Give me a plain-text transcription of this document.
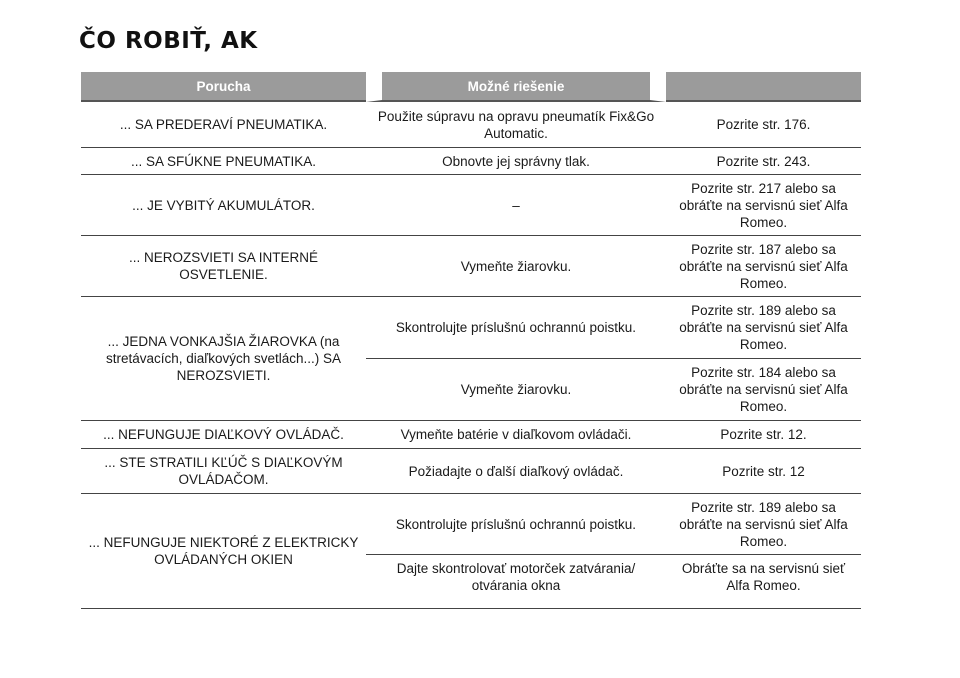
ČO ROBIŤ, AK
Porucha	Možné riešenie	
... SA PREDERAVÍ PNEUMATIKA.	Použite súpravu na opravu pneumatík Fix&Go Automatic.	Pozrite str. 176.
... SA SFÚKNE PNEUMATIKA.	Obnovte jej správny tlak.	Pozrite str. 243.
... JE VYBITÝ AKUMULÁTOR.	–	Pozrite str. 217 alebo sa obráťte na servisnú sieť Alfa Romeo.
... NEROZSVIETI SA INTERNÉ OSVETLENIE.	Vymeňte žiarovku.	Pozrite str. 187 alebo sa obráťte na servisnú sieť Alfa Romeo.
... JEDNA VONKAJŠIA ŽIAROVKA (na stretávacích, diaľkových svetlách...) SA NEROZSVIETI.	Skontrolujte príslušnú ochrannú poistku.	Pozrite str. 189 alebo sa obráťte na servisnú sieť Alfa Romeo.
	Vymeňte žiarovku.	Pozrite str. 184 alebo sa obráťte na servisnú sieť Alfa Romeo.
... NEFUNGUJE DIAĽKOVÝ OVLÁDAČ.	Vymeňte batérie v diaľkovom ovládači.	Pozrite str. 12.
... STE STRATILI KĽÚČ S DIAĽKOVÝM OVLÁDAČOM.	Požiadajte o ďalší diaľkový ovládač.	Pozrite str. 12
... NEFUNGUJE NIEKTORÉ Z ELEKTRICKY OVLÁDANÝCH OKIEN	Skontrolujte príslušnú ochrannú poistku.	Pozrite str. 189 alebo sa obráťte na servisnú sieť Alfa Romeo.
	Dajte skontrolovať motorček zatvárania/ otvárania okna	Obráťte sa na servisnú sieť Alfa Romeo.
